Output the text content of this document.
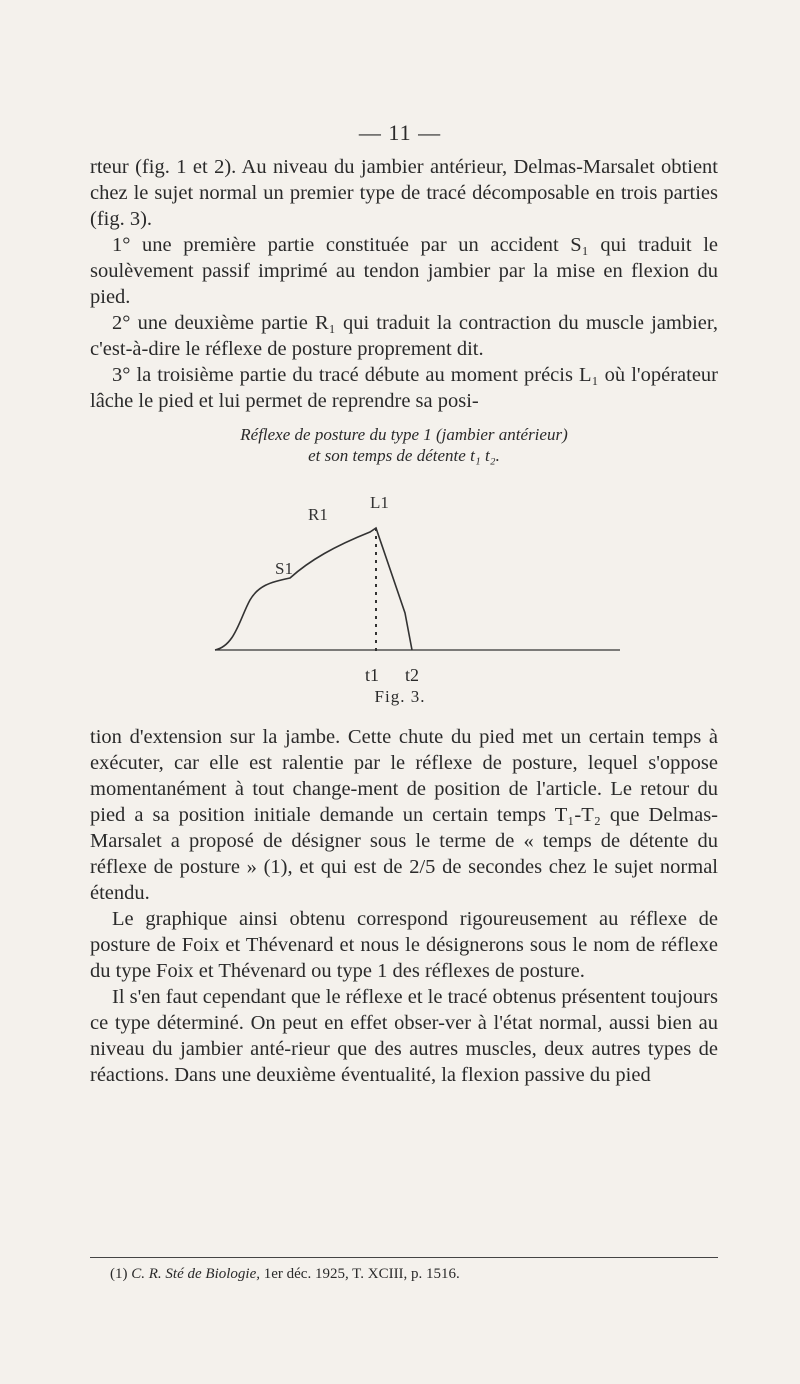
— 11 —

rteur (fig. 1 et 2). Au niveau du jambier antérieur, Delmas-Marsalet obtient chez le sujet normal un premier type de tracé décomposable en trois parties (fig. 3).

1° une première partie constituée par un accident S₁ qui traduit le soulèvement passif imprimé au tendon jambier par la mise en flexion du pied.

2° une deuxième partie R₁ qui traduit la contraction du muscle jambier, c'est-à-dire le réflexe de posture proprement dit.

3° la troisième partie du tracé débute au moment précis L₁ où l'opérateur lâche le pied et lui permet de reprendre sa posi-

Réflexe de posture du type 1 (jambier antérieur)
et son temps de détente t₁ t₂.
S1
R1
L1
t1 t2
Fig. 3.

tion d'extension sur la jambe. Cette chute du pied met un certain temps à exécuter, car elle est ralentie par le réflexe de posture, lequel s'oppose momentanément à tout change-ment de position de l'article. Le retour du pied a sa position initiale demande un certain temps T₁-T₂ que Delmas-Marsalet a proposé de désigner sous le terme de « temps de détente du réflexe de posture » (1), et qui est de 2/5 de secondes chez le sujet normal étendu.

Le graphique ainsi obtenu correspond rigoureusement au réflexe de posture de Foix et Thévenard et nous le désignerons sous le nom de réflexe du type Foix et Thévenard ou type 1 des réflexes de posture.

Il s'en faut cependant que le réflexe et le tracé obtenus présentent toujours ce type déterminé. On peut en effet obser-ver à l'état normal, aussi bien au niveau du jambier anté-rieur que des autres muscles, deux autres types de réactions. Dans une deuxième éventualité, la flexion passive du pied

(1) C. R. Sté de Biologie, 1er déc. 1925, T. XCIII, p. 1516.
